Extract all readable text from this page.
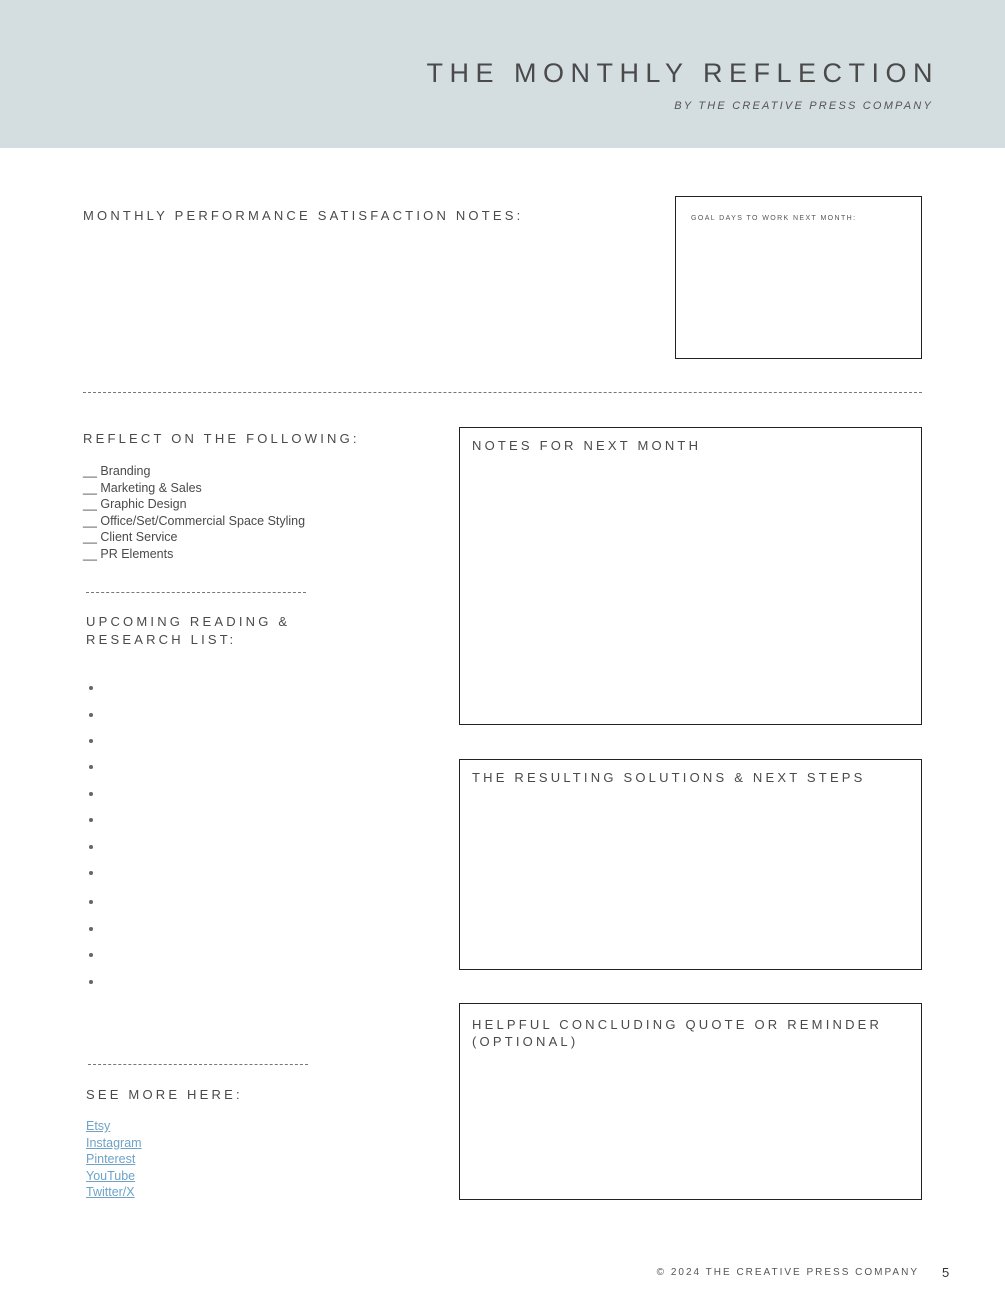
THE MONTHLY REFLECTION
BY THE CREATIVE PRESS COMPANY
MONTHLY PERFORMANCE SATISFACTION NOTES:	GOAL DAYS TO WORK NEXT MONTH:
REFLECT ON THE FOLLOWING:
__ Branding
__ Marketing & Sales
__ Graphic Design
__ Office/Set/Commercial Space Styling
__ Client Service
__ PR Elements
UPCOMING READING &
RESEARCH LIST:
NOTES FOR NEXT MONTH
THE RESULTING SOLUTIONS & NEXT STEPS
HELPFUL CONCLUDING QUOTE OR REMINDER
(OPTIONAL)
SEE MORE HERE:
Etsy
Instagram
Pinterest
YouTube
Twitter/X
© 2024 THE CREATIVE PRESS COMPANY 5
